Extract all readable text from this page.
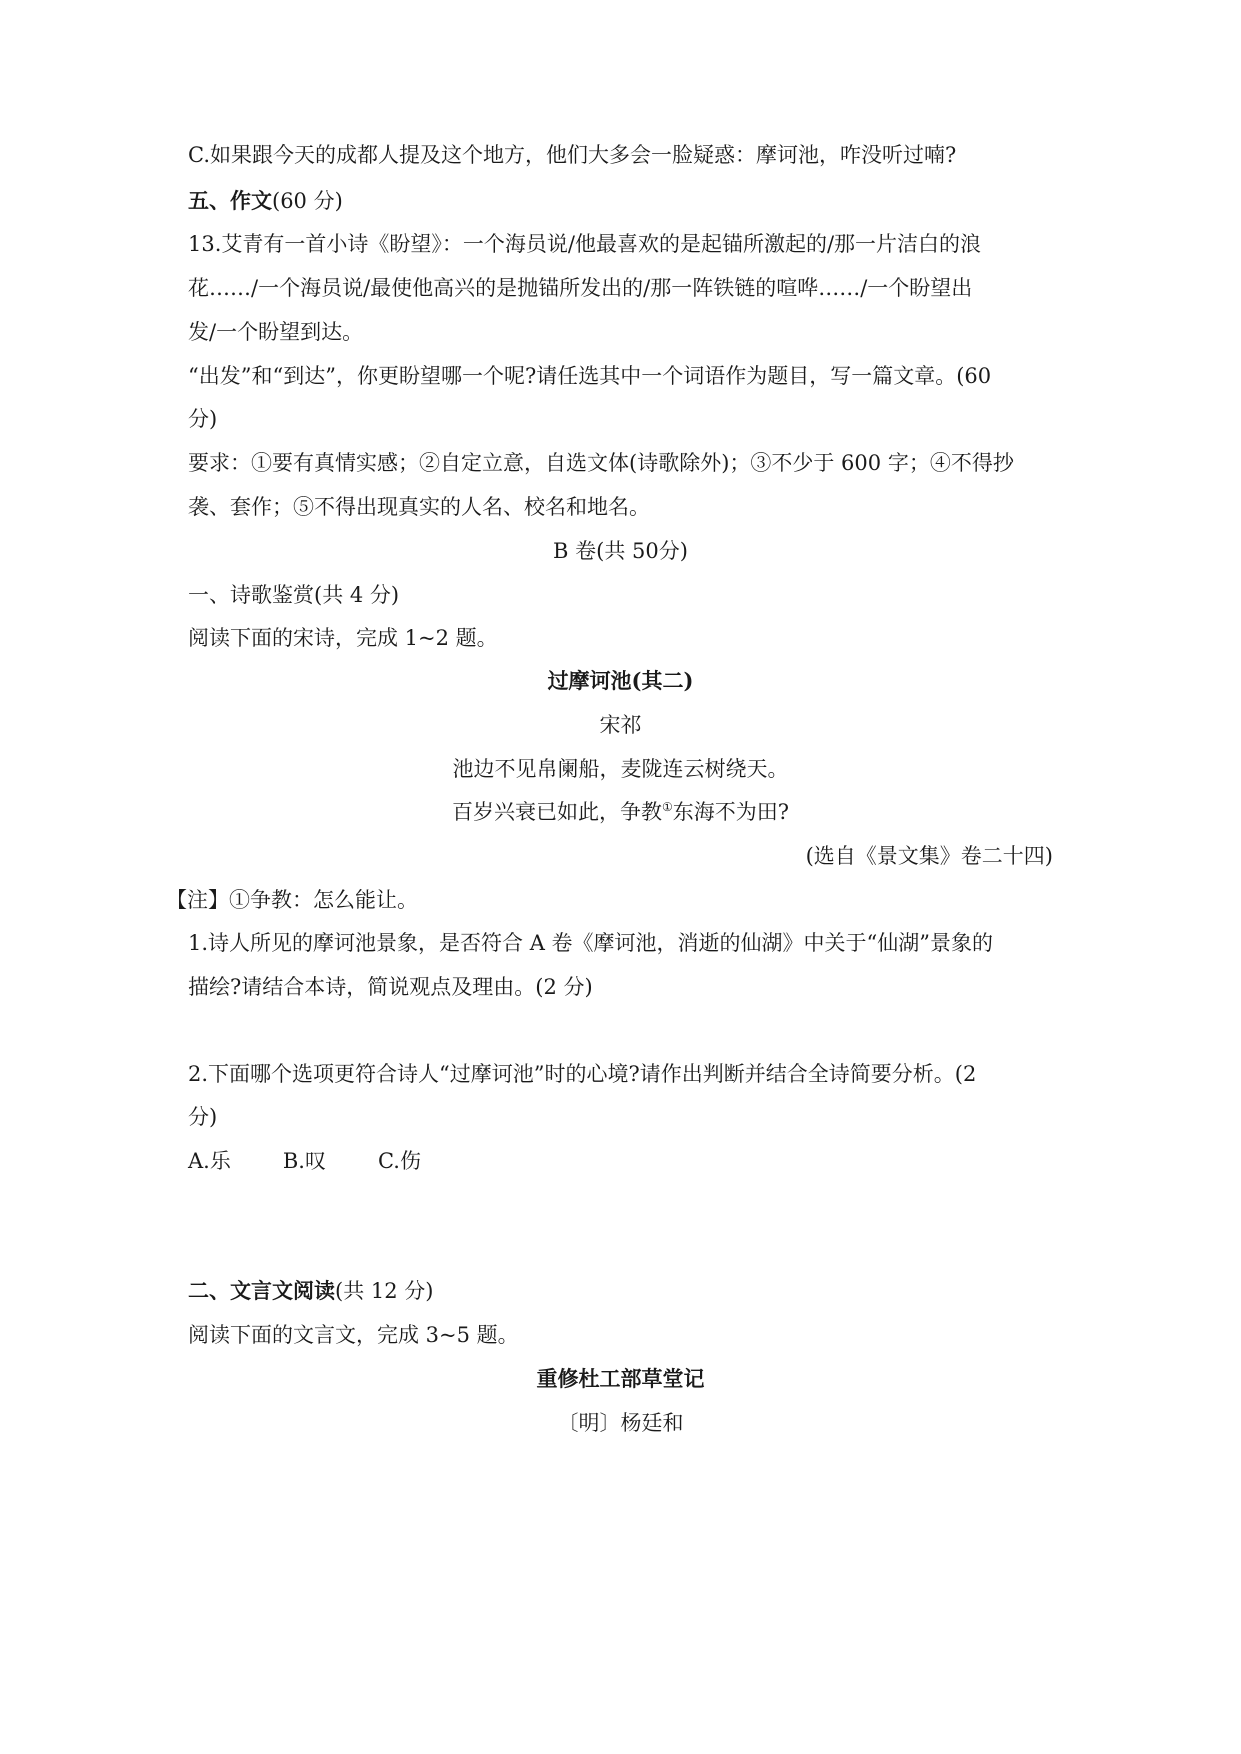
C.如果跟今天的成都人提及这个地方，他们大多会一脸疑惑：摩诃池，咋没听过喃?
五、作文(60 分)
13.艾青有一首小诗《盼望》：一个海员说/他最喜欢的是起锚所激起的/那一片洁白的浪
花……/一个海员说/最使他高兴的是抛锚所发出的/那一阵铁链的喧哗……/一个盼望出
发/一个盼望到达。
“出发”和“到达”，你更盼望哪一个呢?请任选其中一个词语作为题目，写一篇文章。(60
分)
要求：①要有真情实感；②自定立意，自选文体(诗歌除外)；③不少于 600 字；④不得抄
袭、套作；⑤不得出现真实的人名、校名和地名。
B 卷(共 50分)
一、诗歌鉴赏(共 4 分)
阅读下面的宋诗，完成 1~2 题。
过摩诃池(其二)
宋祁
池边不见帛阑船，麦陇连云树绕天。
百岁兴衰已如此，争教①东海不为田?
(选自《景文集》卷二十四)
【注】①争教：怎么能让。
1.诗人所见的摩诃池景象，是否符合 A 卷《摩诃池，消逝的仙湖》中关于“仙湖”景象的
描绘?请结合本诗，简说观点及理由。(2 分)
2.下面哪个选项更符合诗人“过摩诃池”时的心境?请作出判断并结合全诗简要分析。(2
分)
A.乐 B.叹 C.伤
二、文言文阅读(共 12 分)
阅读下面的文言文，完成 3~5 题。
重修杜工部草堂记
〔明〕杨廷和
